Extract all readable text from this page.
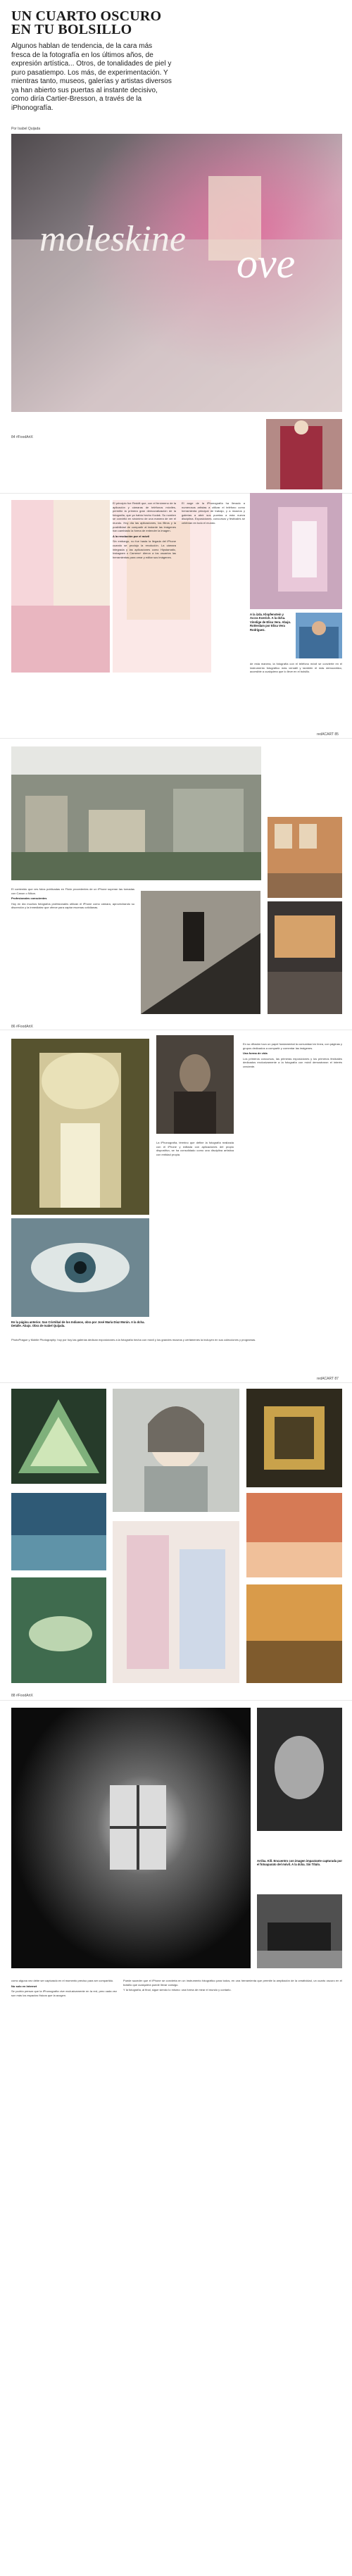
UN CUARTO OSCURO
EN TU BOLSILLO
Algunos hablan de tendencia, de la cara más fresca de la fotografía en los últimos años, de expresión artística... Otros, de tonalidades de piel y puro pasatiempo. Los más, de experimentación. Y mientras tanto, museos, galerías y artistas diversos ya han abierto sus puertas al instante decisivo, como diría Cartier-Bresson, a través de la iPhonografía.
Por Isabel Quijada
moleskine
ove
84 #FoodArtX

El principio fue Reddit que, con el fenómeno de la aplicación y cámaras de teléfonos móviles, permitió la primera gran democratización de la fotografía, que ya había hecho Kodak. Su nombre se convirtió en sinónimo de una manera de ver el mundo. Hoy día las aplicaciones, los filtros y la posibilidad de compartir al instante las imágenes han cambiado la forma de entender la imagen.

A la revolución por el móvil

Sin embargo, no fue hasta la llegada del iPhone cuando se produjo la revolución. La cámara integrada y las aplicaciones como Hipstamatic, Instagram o Camera+ dieron a los usuarios las herramientas para crear y editar sus imágenes.

El auge de la iPhonografía ha llevado a numerosos artistas a utilizar el teléfono como herramienta principal de trabajo, y a museos y galerías a abrir sus puertas a esta nueva disciplina. Exposiciones, concursos y festivales se celebran en todo el mundo.

A la izda. Klopfenstein y Accra Koerich. A la dcha. Vinnlige de Elisa Vera. Abajo. Rotterdam por Elisa Vera Rodriguez.

de esta manera, la fotografía con el teléfono móvil se convierte en el instrumento fotográfico más versátil y también el más democrático, accesible a cualquiera que lo lleve en el bolsillo.

redACART 85

El contenido que ves fotos publicadas en Flickr procedentes de un iPhone superan las tomadas con Canon o Nikon.

Profesionales conscientes

Hoy en día muchos fotógrafos profesionales utilizan el iPhone como cámara, aprovechando su discreción y la inmediatez que ofrece para captar escenas cotidianas.

86 #FoodArtX
En la página anterior. San Cristóbal de los Indianos, obra por José María Díaz Morán. A la dcha. Detalle. Abajo. Obra de Isabel Quijada.

La iPhonografía, término que define la fotografía realizada con el iPhone y editada con aplicaciones del propio dispositivo, se ha consolidado como una disciplina artística con entidad propia.

En su difusión tuvo un papel fundamental la comunidad en línea, con páginas y grupos dedicados a compartir y comentar las imágenes.

Una forma de vida

Los primeros concursos, las primeras exposiciones y los primeros festivales dedicados exclusivamente a la fotografía con móvil demostraron el interés creciente.

PhotoPrague y Mobile Photography: hoy por hoy las galerías dedican exposiciones a la fotografía hecha con móvil y los grandes museos y certámenes la incluyen en sus colecciones y programas.

redACART 87
88 #FoodArtX
Arriba. Kill. Encuentro con imagen impactante capturada por el fotoaparato del móvil. A la dcha. Sin Título.

como alguna vez debe ser capturado en el momento preciso para ser compartido.

No solo en Internet

Se podría pensar que la iPhonografía vive exclusivamente en la red, pero cada vez son más los espacios físicos que la acogen.

Puede suceder que el iPhone se convierta en un instrumento fotográfico para todos, en una herramienta que permite la ampliación de la creatividad, un cuarto oscuro en el bolsillo que cualquiera puede llevar consigo.

Y la fotografía, al final, sigue siendo lo mismo: una forma de mirar el mundo y contarlo.
